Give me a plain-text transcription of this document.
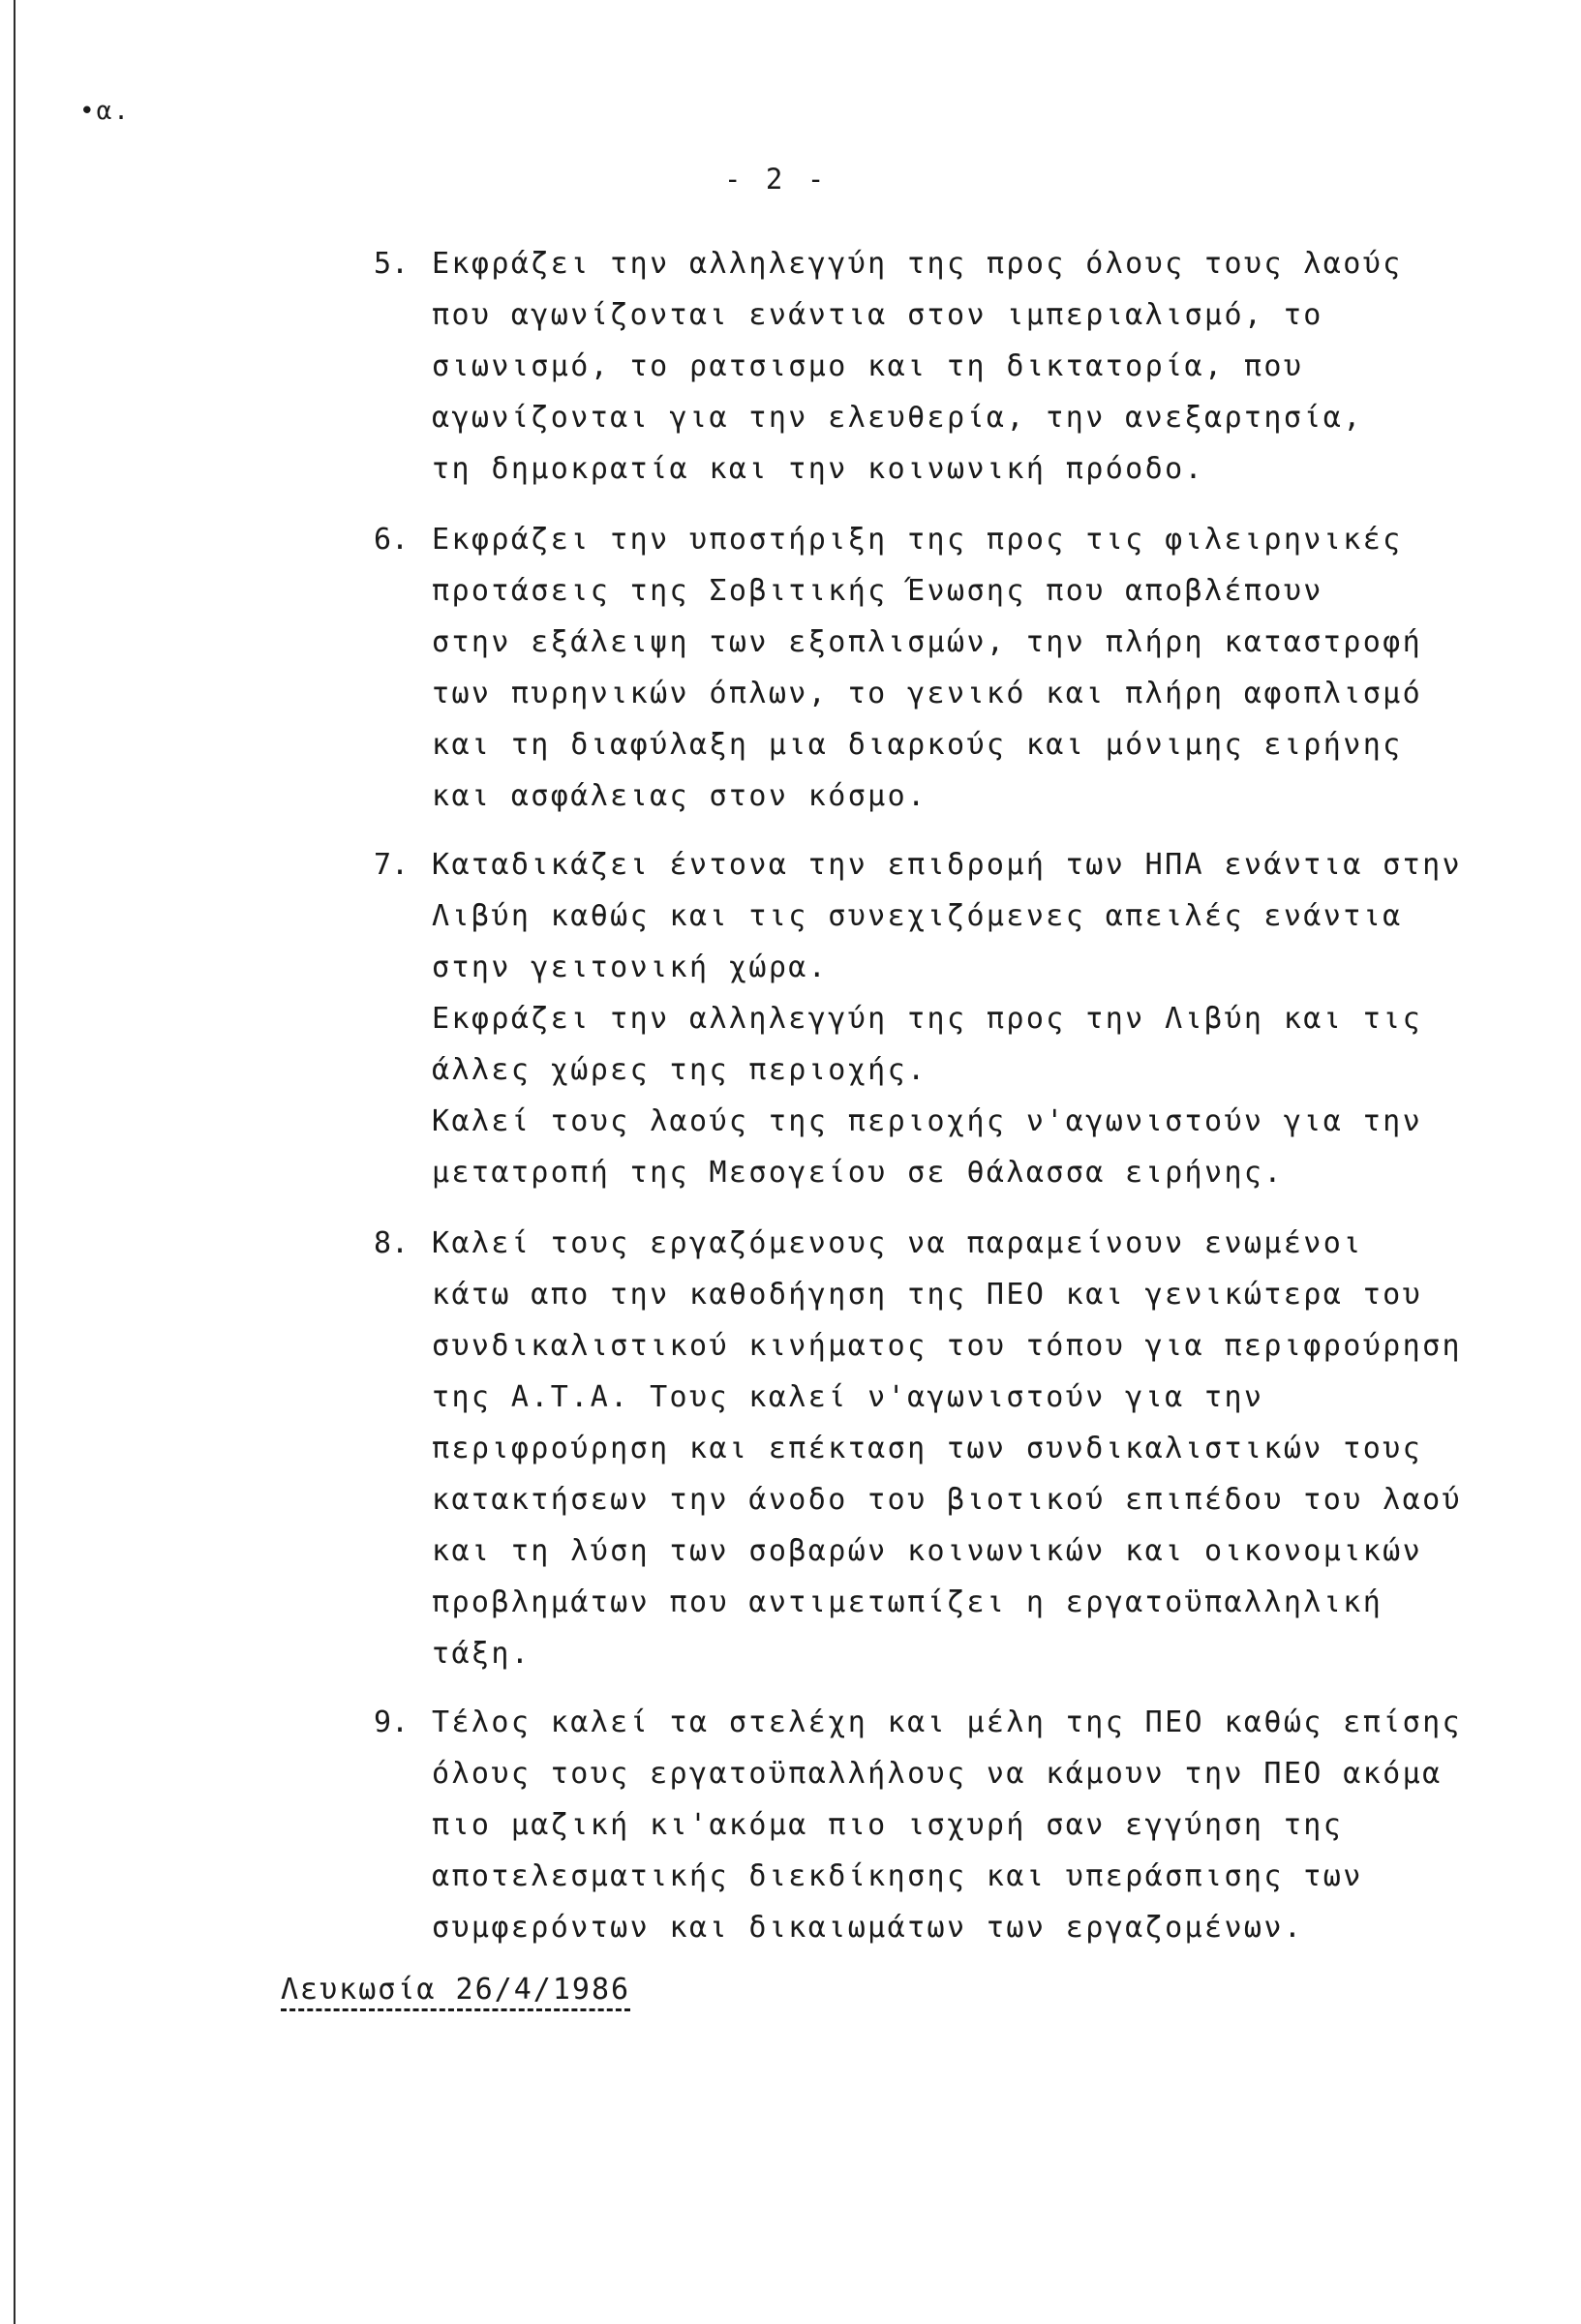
•α.
- 2 -
5. Εκφράζει την αλληλεγγύη της προς όλους τους λαούς
που αγωνίζονται ενάντια στον ιμπεριαλισμό, το
σιωνισμό, το ρατσισμο και τη δικτατορία, που
αγωνίζονται για την ελευθερία, την ανεξαρτησία,
τη δημοκρατία και την κοινωνική πρόοδο.
6. Εκφράζει την υποστήριξη της προς τις φιλειρηνικές
προτάσεις της Σοβιτικής Ένωσης που αποβλέπουν
στην εξάλειψη των εξοπλισμών, την πλήρη καταστροφή
των πυρηνικών όπλων, το γενικό και πλήρη αφοπλισμό
και τη διαφύλαξη μια διαρκούς και μόνιμης ειρήνης
και ασφάλειας στον κόσμο.
7. Καταδικάζει έντονα την επιδρομή των ΗΠΑ ενάντια στην
Λιβύη καθώς και τις συνεχιζόμενες απειλές ενάντια
στην γειτονική χώρα.
Εκφράζει την αλληλεγγύη της προς την Λιβύη και τις
άλλες χώρες της περιοχής.
Καλεί τους λαούς της περιοχής ν'αγωνιστούν για την
μετατροπή της Μεσογείου σε θάλασσα ειρήνης.
8. Καλεί τους εργαζόμενους να παραμείνουν ενωμένοι
κάτω απο την καθοδήγηση της ΠΕΟ και γενικώτερα του
συνδικαλιστικού κινήματος του τόπου για περιφρούρηση
της Α.Τ.Α. Τους καλεί ν'αγωνιστούν για την
περιφρούρηση και επέκταση των συνδικαλιστικών τους
κατακτήσεων την άνοδο του βιοτικού επιπέδου του λαού
και τη λύση των σοβαρών κοινωνικών και οικονομικών
προβλημάτων που αντιμετωπίζει η εργατοϋπαλληλική
τάξη.
9. Τέλος καλεί τα στελέχη και μέλη της ΠΕΟ καθώς επίσης
όλους τους εργατοϋπαλλήλους να κάμουν την ΠΕΟ ακόμα
πιο μαζική κι'ακόμα πιο ισχυρή σαν εγγύηση της
αποτελεσματικής διεκδίκησης και υπεράσπισης των
συμφερόντων και δικαιωμάτων των εργαζομένων.
Λευκωσία 26/4/1986
